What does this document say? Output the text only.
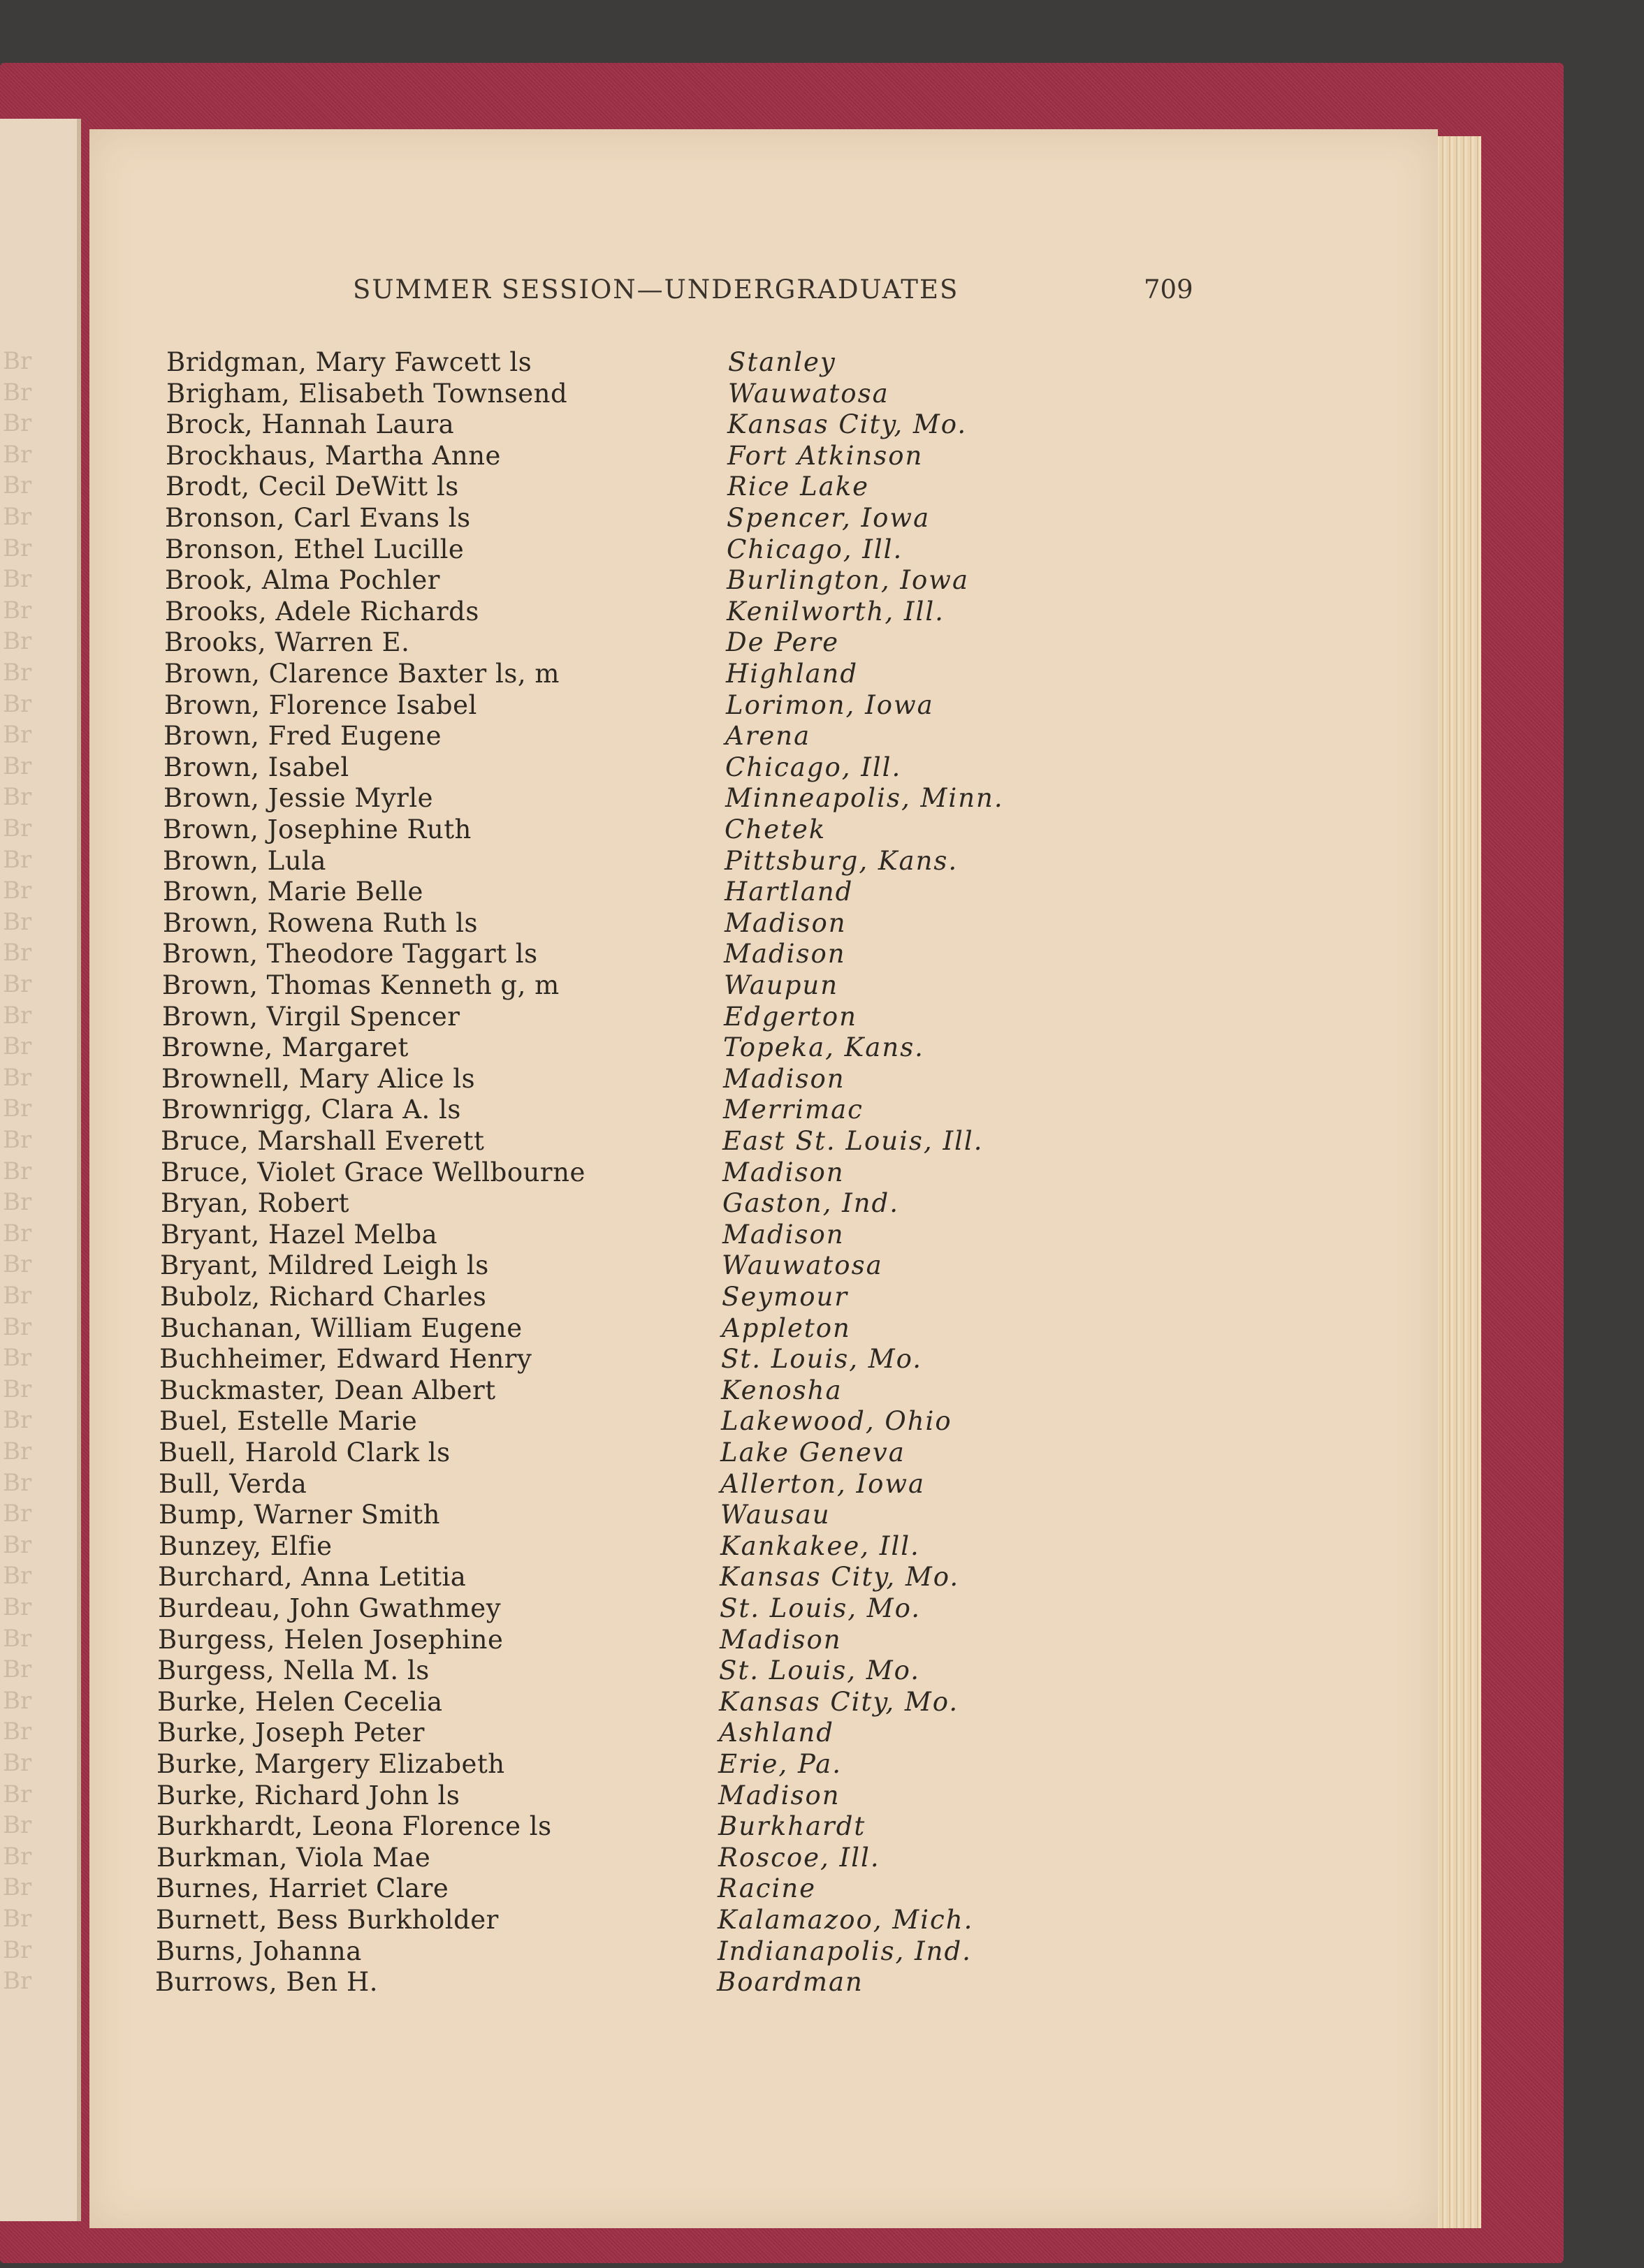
Br
Br
Br
Br
Br
Br
Br
Br
Br
Br
Br
Br
Br
Br
Br
Br
Br
Br
Br
Br
Br
Br
Br
Br
Br
Br
Br
Br
Br
Br
Br
Br
Br
Br
Br
Br
Br
Br
Br
Br
Br
Br
Br
Br
Br
Br
Br
Br
Br
Br
Br
Br
Br
SUMMER SESSION—UNDERGRADUATES	709
Bridgman, Mary Fawcett ls	Stanley
Brigham, Elisabeth Townsend	Wauwatosa
Brock, Hannah Laura	Kansas City, Mo.
Brockhaus, Martha Anne	Fort Atkinson
Brodt, Cecil DeWitt ls	Rice Lake
Bronson, Carl Evans ls	Spencer, Iowa
Bronson, Ethel Lucille	Chicago, Ill.
Brook, Alma Pochler	Burlington, Iowa
Brooks, Adele Richards	Kenilworth, Ill.
Brooks, Warren E.	De Pere
Brown, Clarence Baxter ls, m	Highland
Brown, Florence Isabel	Lorimon, Iowa
Brown, Fred Eugene	Arena
Brown, Isabel	Chicago, Ill.
Brown, Jessie Myrle	Minneapolis, Minn.
Brown, Josephine Ruth	Chetek
Brown, Lula	Pittsburg, Kans.
Brown, Marie Belle	Hartland
Brown, Rowena Ruth ls	Madison
Brown, Theodore Taggart ls	Madison
Brown, Thomas Kenneth g, m	Waupun
Brown, Virgil Spencer	Edgerton
Browne, Margaret	Topeka, Kans.
Brownell, Mary Alice ls	Madison
Brownrigg, Clara A. ls	Merrimac
Bruce, Marshall Everett	East St. Louis, Ill.
Bruce, Violet Grace Wellbourne	Madison
Bryan, Robert	Gaston, Ind.
Bryant, Hazel Melba	Madison
Bryant, Mildred Leigh ls	Wauwatosa
Bubolz, Richard Charles	Seymour
Buchanan, William Eugene	Appleton
Buchheimer, Edward Henry	St. Louis, Mo.
Buckmaster, Dean Albert	Kenosha
Buel, Estelle Marie	Lakewood, Ohio
Buell, Harold Clark ls	Lake Geneva
Bull, Verda	Allerton, Iowa
Bump, Warner Smith	Wausau
Bunzey, Elfie	Kankakee, Ill.
Burchard, Anna Letitia	Kansas City, Mo.
Burdeau, John Gwathmey	St. Louis, Mo.
Burgess, Helen Josephine	Madison
Burgess, Nella M. ls	St. Louis, Mo.
Burke, Helen Cecelia	Kansas City, Mo.
Burke, Joseph Peter	Ashland
Burke, Margery Elizabeth	Erie, Pa.
Burke, Richard John ls	Madison
Burkhardt, Leona Florence ls	Burkhardt
Burkman, Viola Mae	Roscoe, Ill.
Burnes, Harriet Clare	Racine
Burnett, Bess Burkholder	Kalamazoo, Mich.
Burns, Johanna	Indianapolis, Ind.
Burrows, Ben H.	Boardman
